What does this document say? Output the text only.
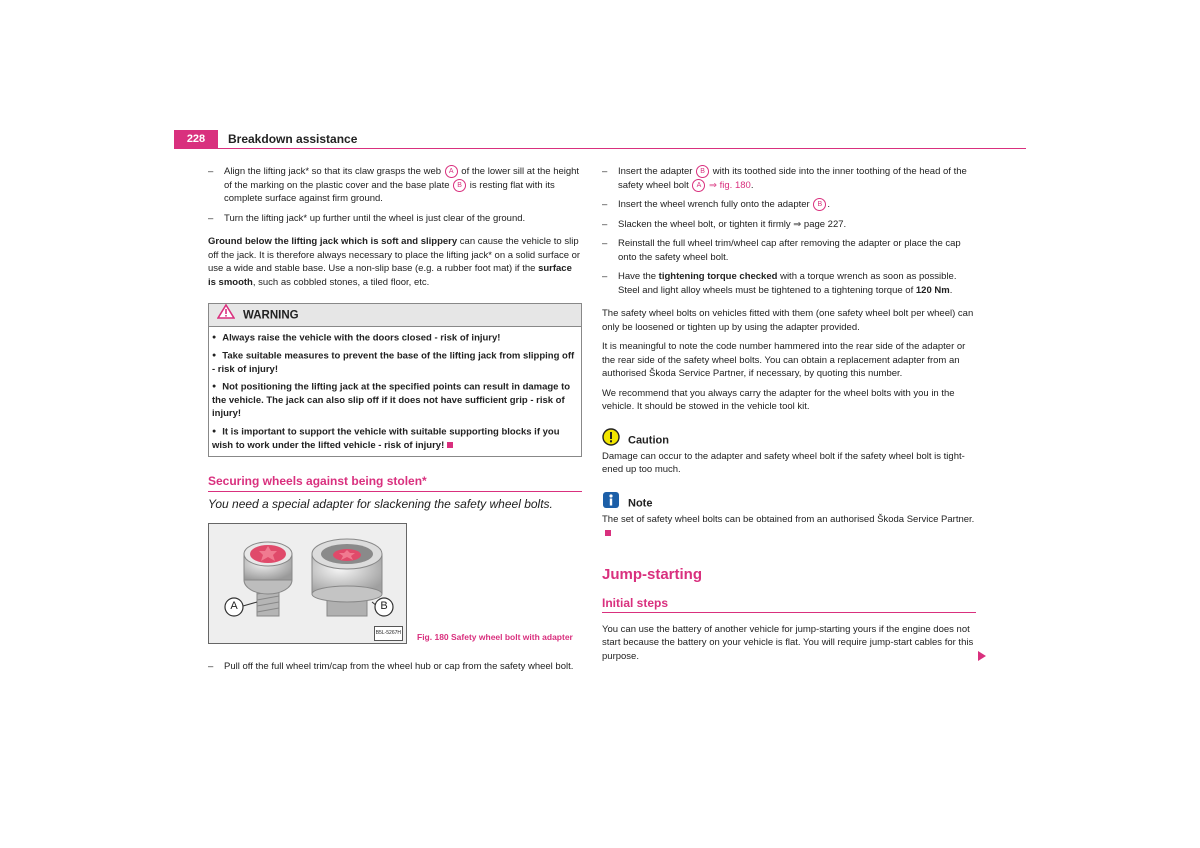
228	Breakdown assistance
– Align the lifting jack* so that its claw grasps the web A of the lower sill at the height of the marking on the plastic cover and the base plate B is resting flat with its complete surface against firm ground.
– Turn the lifting jack* up further until the wheel is just clear of the ground.

Ground below the lifting jack which is soft and slippery can cause the vehicle to slip off the jack. It is therefore always necessary to place the lifting jack* on a solid surface or use a wide and stable base. Use a non-slip base (e.g. a rubber foot mat) if the surface is smooth, such as cobbled stones, a tiled floor, etc.

WARNING
● Always raise the vehicle with the doors closed - risk of injury!
● Take suitable measures to prevent the base of the lifting jack from slipping off - risk of injury!
● Not positioning the lifting jack at the specified points can result in damage to the vehicle. The jack can also slip off if it does not have sufficient grip - risk of injury!
● It is important to support the vehicle with suitable supporting blocks if you wish to work under the lifted vehicle - risk of injury!
Securing wheels against being stolen*
You need a special adapter for slackening the safety wheel bolts.
A	B
B5L-5267H Fig. 180 Safety wheel bolt with adapter
– Pull off the full wheel trim/cap from the wheel hub or cap from the safety wheel bolt.
– Insert the adapter B with its toothed side into the inner toothing of the head of the safety wheel bolt A ⇒ fig. 180.
– Insert the wheel wrench fully onto the adapter B .
– Slacken the wheel bolt, or tighten it firmly ⇒ page 227.
– Reinstall the full wheel trim/wheel cap after removing the adapter or place the cap onto the safety wheel bolt.
– Have the tightening torque checked with a torque wrench as soon as possible. Steel and light alloy wheels must be tightened to a tightening torque of 120 Nm.

The safety wheel bolts on vehicles fitted with them (one safety wheel bolt per wheel) can only be loosened or tighten up by using the adapter provided.

It is meaningful to note the code number hammered into the rear side of the adapter or the rear side of the safety wheel bolts. You can obtain a replacement adapter from an authorised Škoda Service Partner, if necessary, by quoting this number.

We recommend that you always carry the adapter for the wheel bolts with you in the vehicle. It should be stowed in the vehicle tool kit.

Caution

Damage can occur to the adapter and safety wheel bolt if the safety wheel bolt is tight-ened up too much.

Note

The set of safety wheel bolts can be obtained from an authorised Škoda Service Partner.

Jump-starting
Initial steps

You can use the battery of another vehicle for jump-starting yours if the engine does not start because the battery on your vehicle is flat. You will require jump-start cables for this purpose.
